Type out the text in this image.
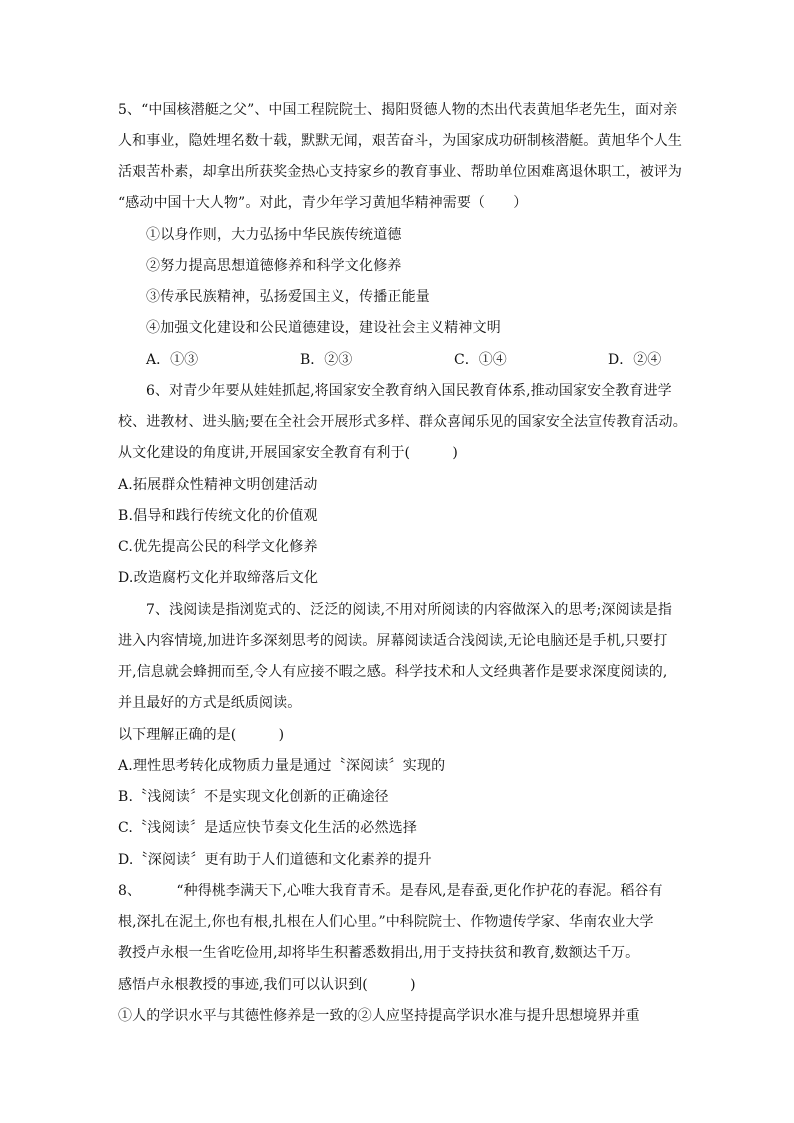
5、“中国核潜艇之父”、中国工程院院士、揭阳贤德人物的杰出代表黄旭华老先生，面对亲
人和事业，隐姓埋名数十载，默默无闻，艰苦奋斗，为国家成功研制核潜艇。黄旭华个人生
活艰苦朴素，却拿出所获奖金热心支持家乡的教育事业、帮助单位困难离退休职工，被评为
“感动中国十大人物”。对此，青少年学习黄旭华精神需要（　　）
①以身作则，大力弘扬中华民族传统道德
②努力提高思想道德修养和科学文化修养
③传承民族精神，弘扬爱国主义，传播正能量
④加强文化建设和公民道德建设，建设社会主义精神文明
A．①③	B．②③	C．①④	D．②④
6、对青少年要从娃娃抓起,将国家安全教育纳入国民教育体系,推动国家安全教育进学
校、进教材、进头脑;要在全社会开展形式多样、群众喜闻乐见的国家安全法宣传教育活动。
从文化建设的角度讲,开展国家安全教育有利于(　　　)
A.拓展群众性精神文明创建活动
B.倡导和践行传统文化的价值观
C.优先提高公民的科学文化修养
D.改造腐朽文化并取缔落后文化
7、浅阅读是指浏览式的、泛泛的阅读,不用对所阅读的内容做深入的思考;深阅读是指
进入内容情境,加进许多深刻思考的阅读。屏幕阅读适合浅阅读,无论电脑还是手机,只要打
开,信息就会蜂拥而至,令人有应接不暇之感。科学技术和人文经典著作是要求深度阅读的,
并且最好的方式是纸质阅读。
以下理解正确的是(　　　)
A.理性思考转化成物质力量是通过〝深阅读〞实现的
B.〝浅阅读〞不是实现文化创新的正确途径
C.〝浅阅读〞是适应快节奏文化生活的必然选择
D.〝深阅读〞更有助于人们道德和文化素养的提升
8、　　　“种得桃李满天下,心唯大我育青禾。是春风,是春蚕,更化作护花的春泥。稻谷有
根,深扎在泥土,你也有根,扎根在人们心里。”中科院院士、作物遗传学家、华南农业大学
教授卢永根一生省吃俭用,却将毕生积蓄悉数捐出,用于支持扶贫和教育,数额达千万。
感悟卢永根教授的事迹,我们可以认识到(　　　)
①人的学识水平与其德性修养是一致的②人应坚持提高学识水准与提升思想境界并重
